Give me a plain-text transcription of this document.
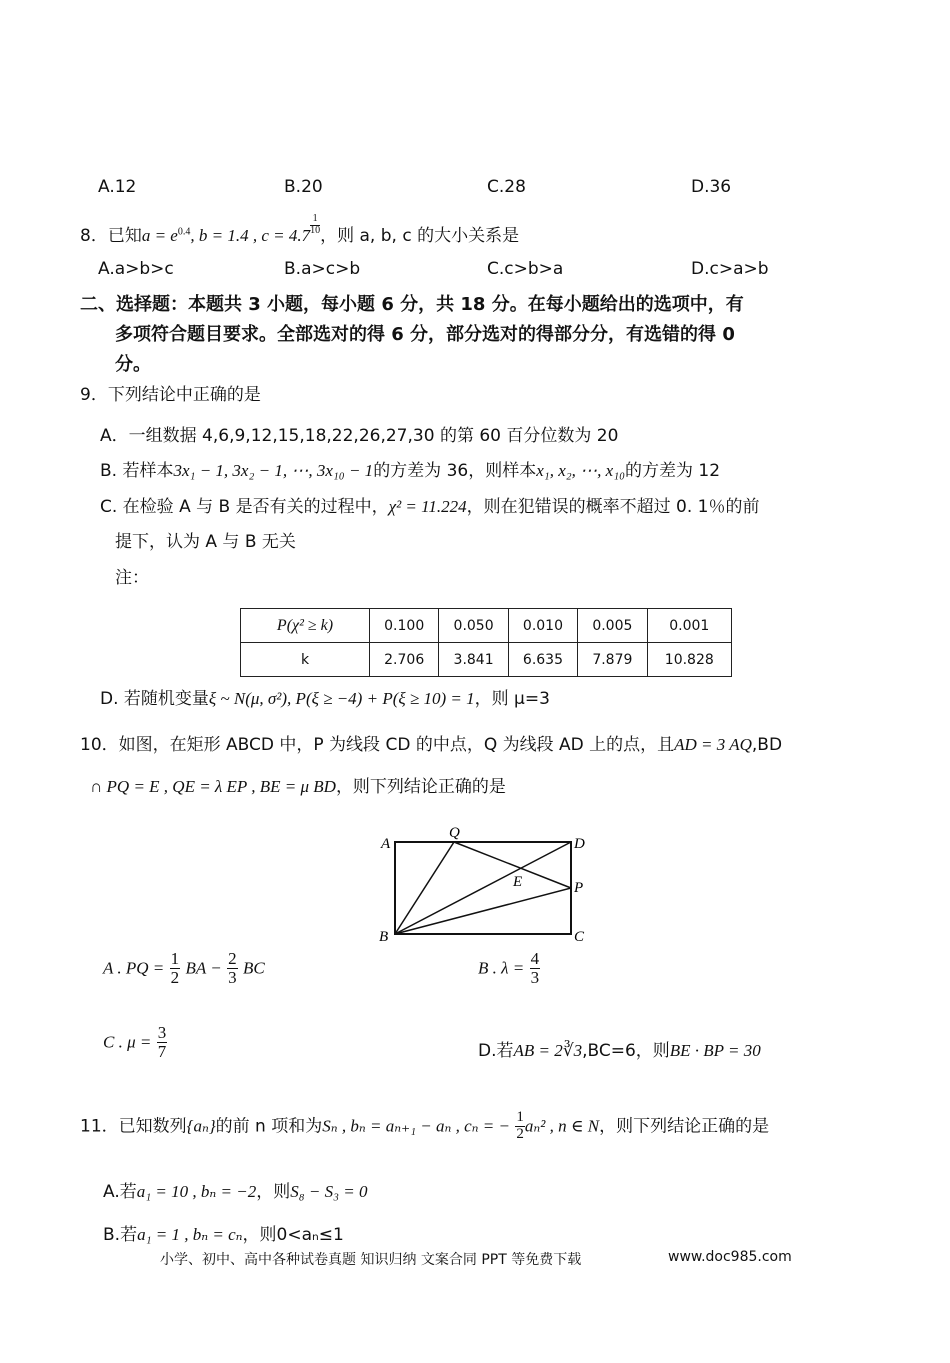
A.12	B.20	C.28	D.36
8．已知$a = e^{0.4}$, b = 1.4 , c = 4.7 $^{\frac{1}{10}}$ ，则 a, b, c 的大小关系是
A.a>b>c	B.a>c>b	C.c>b>a	D.c>a>b
二、选择题：本题共 3 小题，每小题 6 分，共 18 分。在每小题给出的选项中，有
多项符合题目要求。全部选对的得 6 分，部分选对的得部分分，有选错的得 0
分。
9．下列结论中正确的是
A．一组数据 4,6,9,12,15,18,22,26,27,30 的第 60 百分位数为 20
B. 若样本3x₁ − 1, 3x₂ − 1, ⋯, 3x₁₀ − 1的方差为 36，则样本x₁, x₂, ⋯, x₁₀的方差为 12
C. 在检验 A 与 B 是否有关的过程中，χ² = 11.224，则在犯错误的概率不超过 0. 1％的前
提下，认为 A 与 B 无关
注：
P(χ² ≥ k)	0.100	0.050	0.010	0.005	0.001
k	2.706	3.841	6.635	7.879	10.828
D. 若随机变量ξ ~ N(μ, σ²), P(ξ ≥ −4) + P(ξ ≥ 10) = 1，则 μ=3
10．如图，在矩形 ABCD 中，P 为线段 CD 的中点，Q 为线段 AD 上的点，且AD = 3 AQ,BD
∩ PQ = E , QE = λ EP , BE = μ BD，则下列结论正确的是
A
Q
D
E	P
B	C
A . PQ = $\frac{1}{2}$ BA − $\frac{2}{3}$ BC	B . $\lambda = \frac{4}{3}$
C . $\mu = \frac{3}{7}$	D.若AB = 2∛3,BC=6，则BE · BP = 30
11．已知数列{aₙ}的前 n 项和为Sₙ , bₙ = aₙ₊₁ − aₙ , cₙ = − $\frac{1}{2} a_n^2$ , n ∈ N，则下列结论正确的是
A.若a₁ = 10 , bₙ = −2，则S₈ − S₃ = 0
B.若a₁ = 1 , bₙ = cₙ，则0<aₙ≤1
小学、初中、高中各种试卷真题 知识归纳 文案合同 PPT 等免费下载	www.doc985.com
